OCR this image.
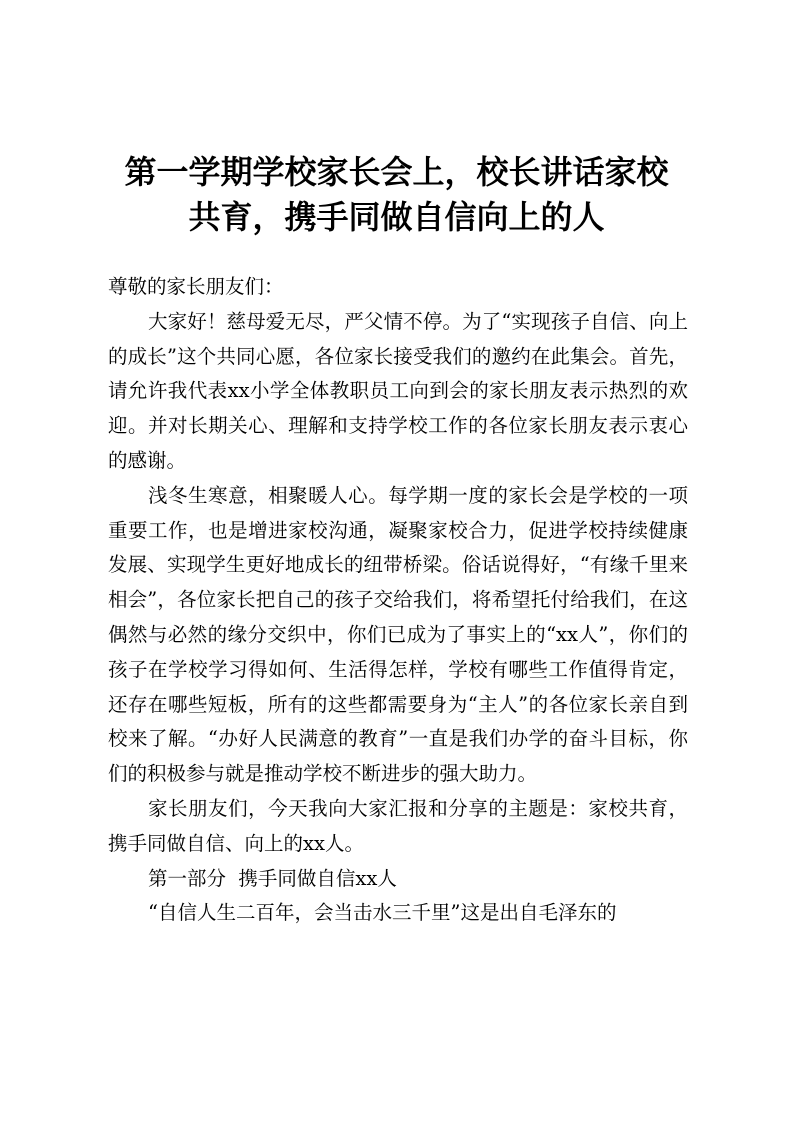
第一学期学校家长会上，校长讲话家校
共育，携手同做自信向上的人

尊敬的家长朋友们：

大家好！慈母爱无尽，严父情不停。为了“实现孩子自信、向上的成长”这个共同心愿，各位家长接受我们的邀约在此集会。首先，请允许我代表xx小学全体教职员工向到会的家长朋友表示热烈的欢迎。并对长期关心、理解和支持学校工作的各位家长朋友表示衷心的感谢。

浅冬生寒意，相聚暖人心。每学期一度的家长会是学校的一项重要工作，也是增进家校沟通，凝聚家校合力，促进学校持续健康发展、实现学生更好地成长的纽带桥梁。俗话说得好，“有缘千里来相会”，各位家长把自己的孩子交给我们，将希望托付给我们，在这偶然与必然的缘分交织中，你们已成为了事实上的“xx人”，你们的孩子在学校学习得如何、生活得怎样，学校有哪些工作值得肯定，还存在哪些短板，所有的这些都需要身为“主人”的各位家长亲自到校来了解。“办好人民满意的教育”一直是我们办学的奋斗目标，你们的积极参与就是推动学校不断进步的强大助力。

家长朋友们，今天我向大家汇报和分享的主题是：家校共育，携手同做自信、向上的xx人。

第一部分  携手同做自信xx人

“自信人生二百年，会当击水三千里”这是出自毛泽东的
